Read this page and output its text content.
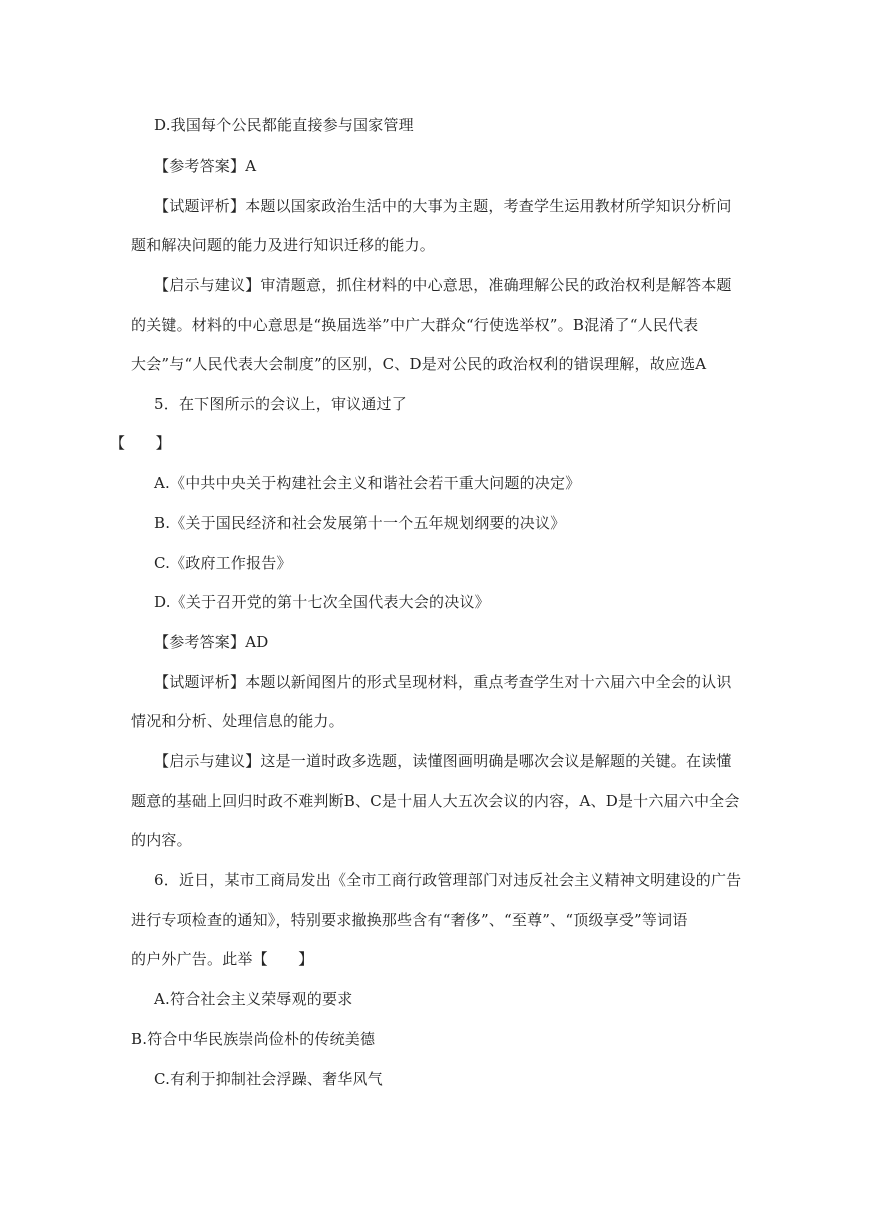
D.我国每个公民都能直接参与国家管理
【参考答案】A
【试题评析】本题以国家政治生活中的大事为主题，考查学生运用教材所学知识分析问
题和解决问题的能力及进行知识迁移的能力。
【启示与建议】审清题意，抓住材料的中心意思，准确理解公民的政治权利是解答本题
的关键。材料的中心意思是“换届选举”中广大群众“行使选举权”。B混淆了“人民代表
大会”与“人民代表大会制度”的区别，C、D是对公民的政治权利的错误理解，故应选A
5．在下图所示的会议上，审议通过了
【　　】
A.《中共中央关于构建社会主义和谐社会若干重大问题的决定》
B.《关于国民经济和社会发展第十一个五年规划纲要的决议》
C.《政府工作报告》
D.《关于召开党的第十七次全国代表大会的决议》
【参考答案】AD
【试题评析】本题以新闻图片的形式呈现材料，重点考查学生对十六届六中全会的认识
情况和分析、处理信息的能力。
【启示与建议】这是一道时政多选题，读懂图画明确是哪次会议是解题的关键。在读懂
题意的基础上回归时政不难判断B、C是十届人大五次会议的内容，A、D是十六届六中全会
的内容。
6．近日，某市工商局发出《全市工商行政管理部门对违反社会主义精神文明建设的广告
进行专项检查的通知》，特别要求撤换那些含有“奢侈”、“至尊”、“顶级享受”等词语
的户外广告。此举【　　】
A.符合社会主义荣辱观的要求
B.符合中华民族崇尚俭朴的传统美德
C.有利于抑制社会浮躁、奢华风气
